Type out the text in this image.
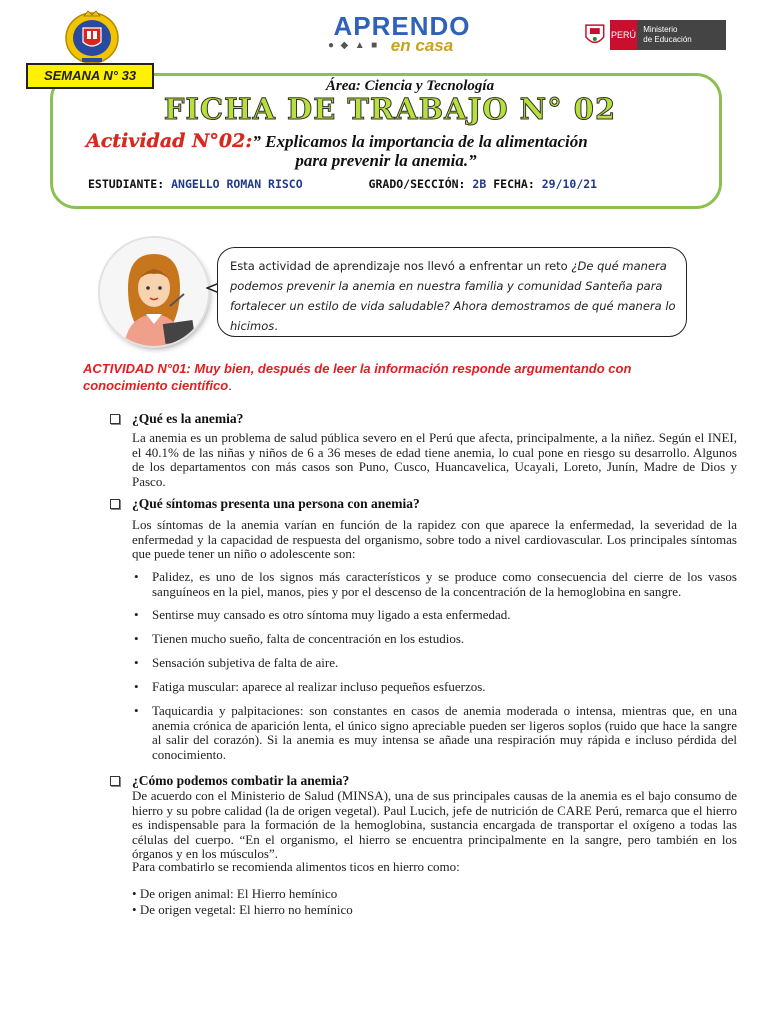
APRENDO
● ◆ ▲ ■ en casa
PERÚ
Ministerio
de Educación
SEMANA N° 33
Área: Ciencia y Tecnología
FICHA DE TRABAJO N° 02
Actividad N°02:” Explicamos la importancia de la alimentación
para prevenir la anemia.”
ESTUDIANTE: ANGELLO ROMAN RISCO	GRADO/SECCIÓN: 2B FECHA: 29/10/21
Esta actividad de aprendizaje nos llevó a enfrentar un reto ¿De qué manera podemos prevenir la anemia en nuestra familia y comunidad Santeña para fortalecer un estilo de vida saludable? Ahora demostramos de qué manera lo hicimos.
ACTIVIDAD N°01: Muy bien, después de leer la información responde argumentando con conocimiento científico.
¿Qué es la anemia?
La anemia es un problema de salud pública severo en el Perú que afecta, principalmente, a la niñez. Según el INEI, el 40.1% de las niñas y niños de 6 a 36 meses de edad tiene anemia, lo cual pone en riesgo su desarrollo. Algunos de los departamentos con más casos son Puno, Cusco, Huancavelica, Ucayali, Loreto, Junín, Madre de Dios y Pasco.
¿Qué síntomas presenta una persona con anemia?
Los síntomas de la anemia varían en función de la rapidez con que aparece la enfermedad, la severidad de la enfermedad y la capacidad de respuesta del organismo, sobre todo a nivel cardiovascular. Los principales síntomas que puede tener un niño o adolescente son:
• Palidez, es uno de los signos más característicos y se produce como consecuencia del cierre de los vasos sanguíneos en la piel, manos, pies y por el descenso de la concentración de la hemoglobina en sangre.
• Sentirse muy cansado es otro síntoma muy ligado a esta enfermedad.
• Tienen mucho sueño, falta de concentración en los estudios.
• Sensación subjetiva de falta de aire.
• Fatiga muscular: aparece al realizar incluso pequeños esfuerzos.
• Taquicardia y palpitaciones: son constantes en casos de anemia moderada o intensa, mientras que, en una anemia crónica de aparición lenta, el único signo apreciable pueden ser ligeros soplos (ruido que hace la sangre al salir del corazón). Si la anemia es muy intensa se añade una respiración muy rápida e incluso pérdida del conocimiento.
¿Cómo podemos combatir la anemia?
De acuerdo con el Ministerio de Salud (MINSA), una de sus principales causas de la anemia es el bajo consumo de hierro y su pobre calidad (la de origen vegetal). Paul Lucich, jefe de nutrición de CARE Perú, remarca que el hierro es indispensable para la formación de la hemoglobina, sustancia encargada de transportar el oxígeno a todas las células del cuerpo. “En el organismo, el hierro se encuentra principalmente en la sangre, pero también en los órganos y en los músculos”.
Para combatirlo se recomienda alimentos ticos en hierro como:
• De origen animal: El Hierro hemínico
• De origen vegetal: El hierro no hemínico
